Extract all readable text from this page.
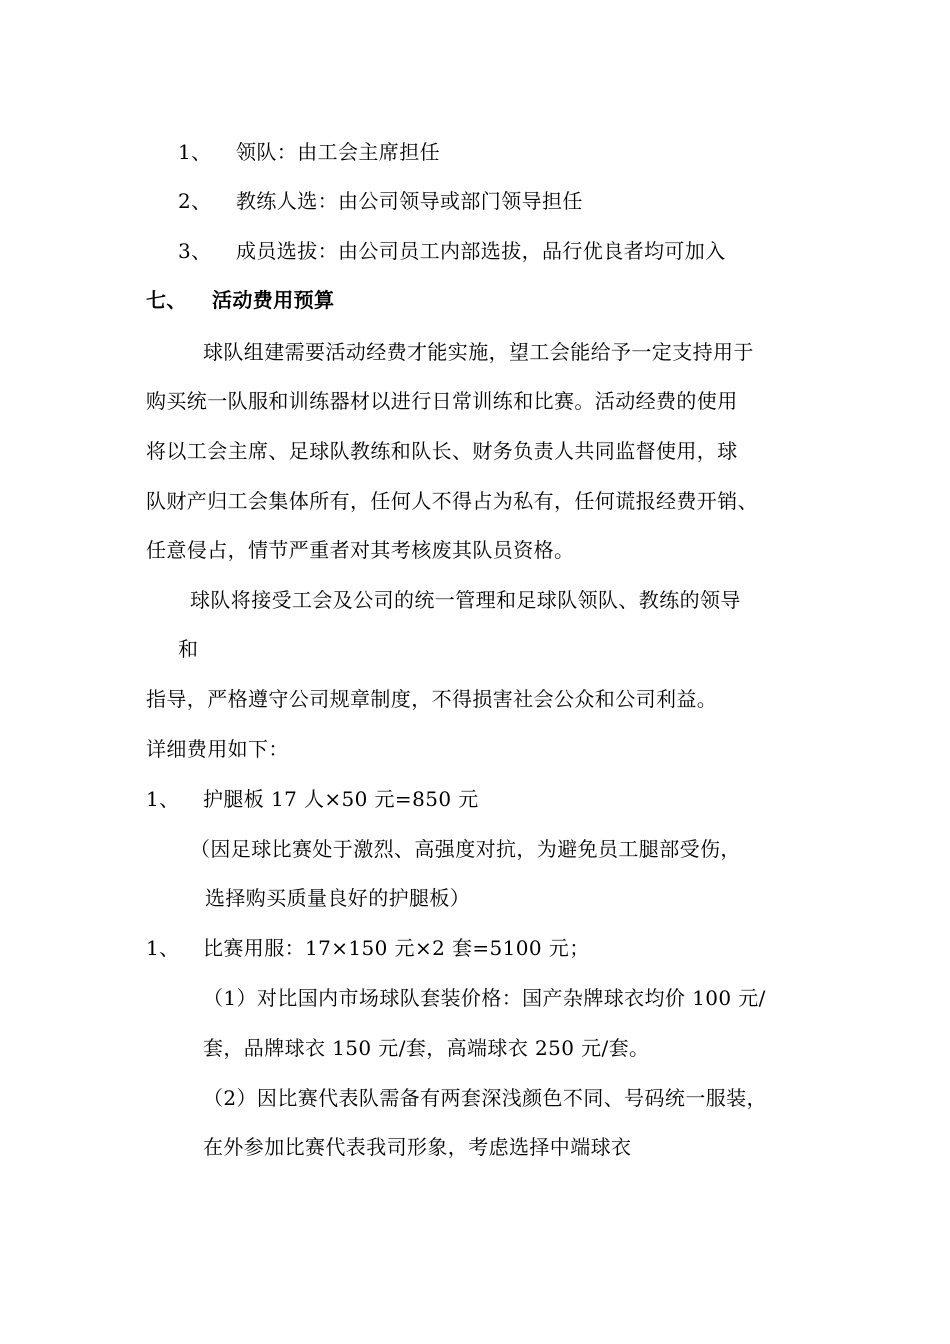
1、 领队：由工会主席担任
2、 教练人选：由公司领导或部门领导担任
3、 成员选拔：由公司员工内部选拔，品行优良者均可加入
七、 活动费用预算
球队组建需要活动经费才能实施，望工会能给予一定支持用于
购买统一队服和训练器材以进行日常训练和比赛。活动经费的使用
将以工会主席、足球队教练和队长、财务负责人共同监督使用，球
队财产归工会集体所有，任何人不得占为私有，任何谎报经费开销、
任意侵占，情节严重者对其考核废其队员资格。
球队将接受工会及公司的统一管理和足球队领队、教练的领导
和
指导，严格遵守公司规章制度，不得损害社会公众和公司利益。
详细费用如下：
1、 护腿板 17 人×50 元=850 元
（因足球比赛处于激烈、高强度对抗，为避免员工腿部受伤，
选择购买质量良好的护腿板）
1、 比赛用服：17×150 元×2 套=5100 元；
（1）对比国内市场球队套装价格：国产杂牌球衣均价 100 元/
套，品牌球衣 150 元/套，高端球衣 250 元/套。
（2）因比赛代表队需备有两套深浅颜色不同、号码统一服装，
在外参加比赛代表我司形象，考虑选择中端球衣
